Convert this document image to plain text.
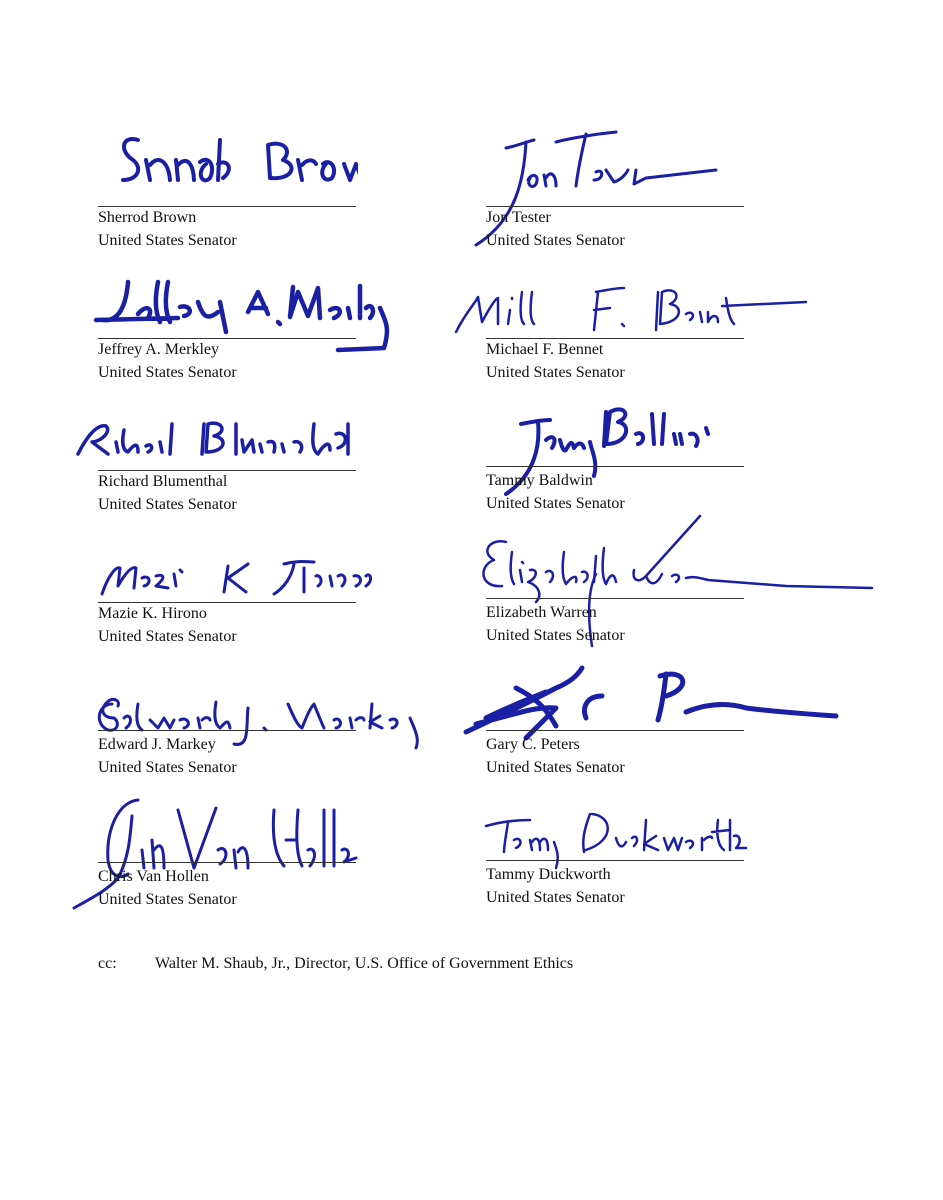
Sherrod Brown
United States Senator
Jon Tester
United States Senator
Jeffrey A. Merkley
United States Senator
Michael F. Bennet
United States Senator
Richard Blumenthal
United States Senator
Tammy Baldwin
United States Senator
Mazie K. Hirono
United States Senator
Elizabeth Warren
United States Senator
Edward J. Markey
United States Senator
Gary C. Peters
United States Senator
Chris Van Hollen
United States Senator
Tammy Duckworth
United States Senator
cc: Walter M. Shaub, Jr., Director, U.S. Office of Government Ethics
